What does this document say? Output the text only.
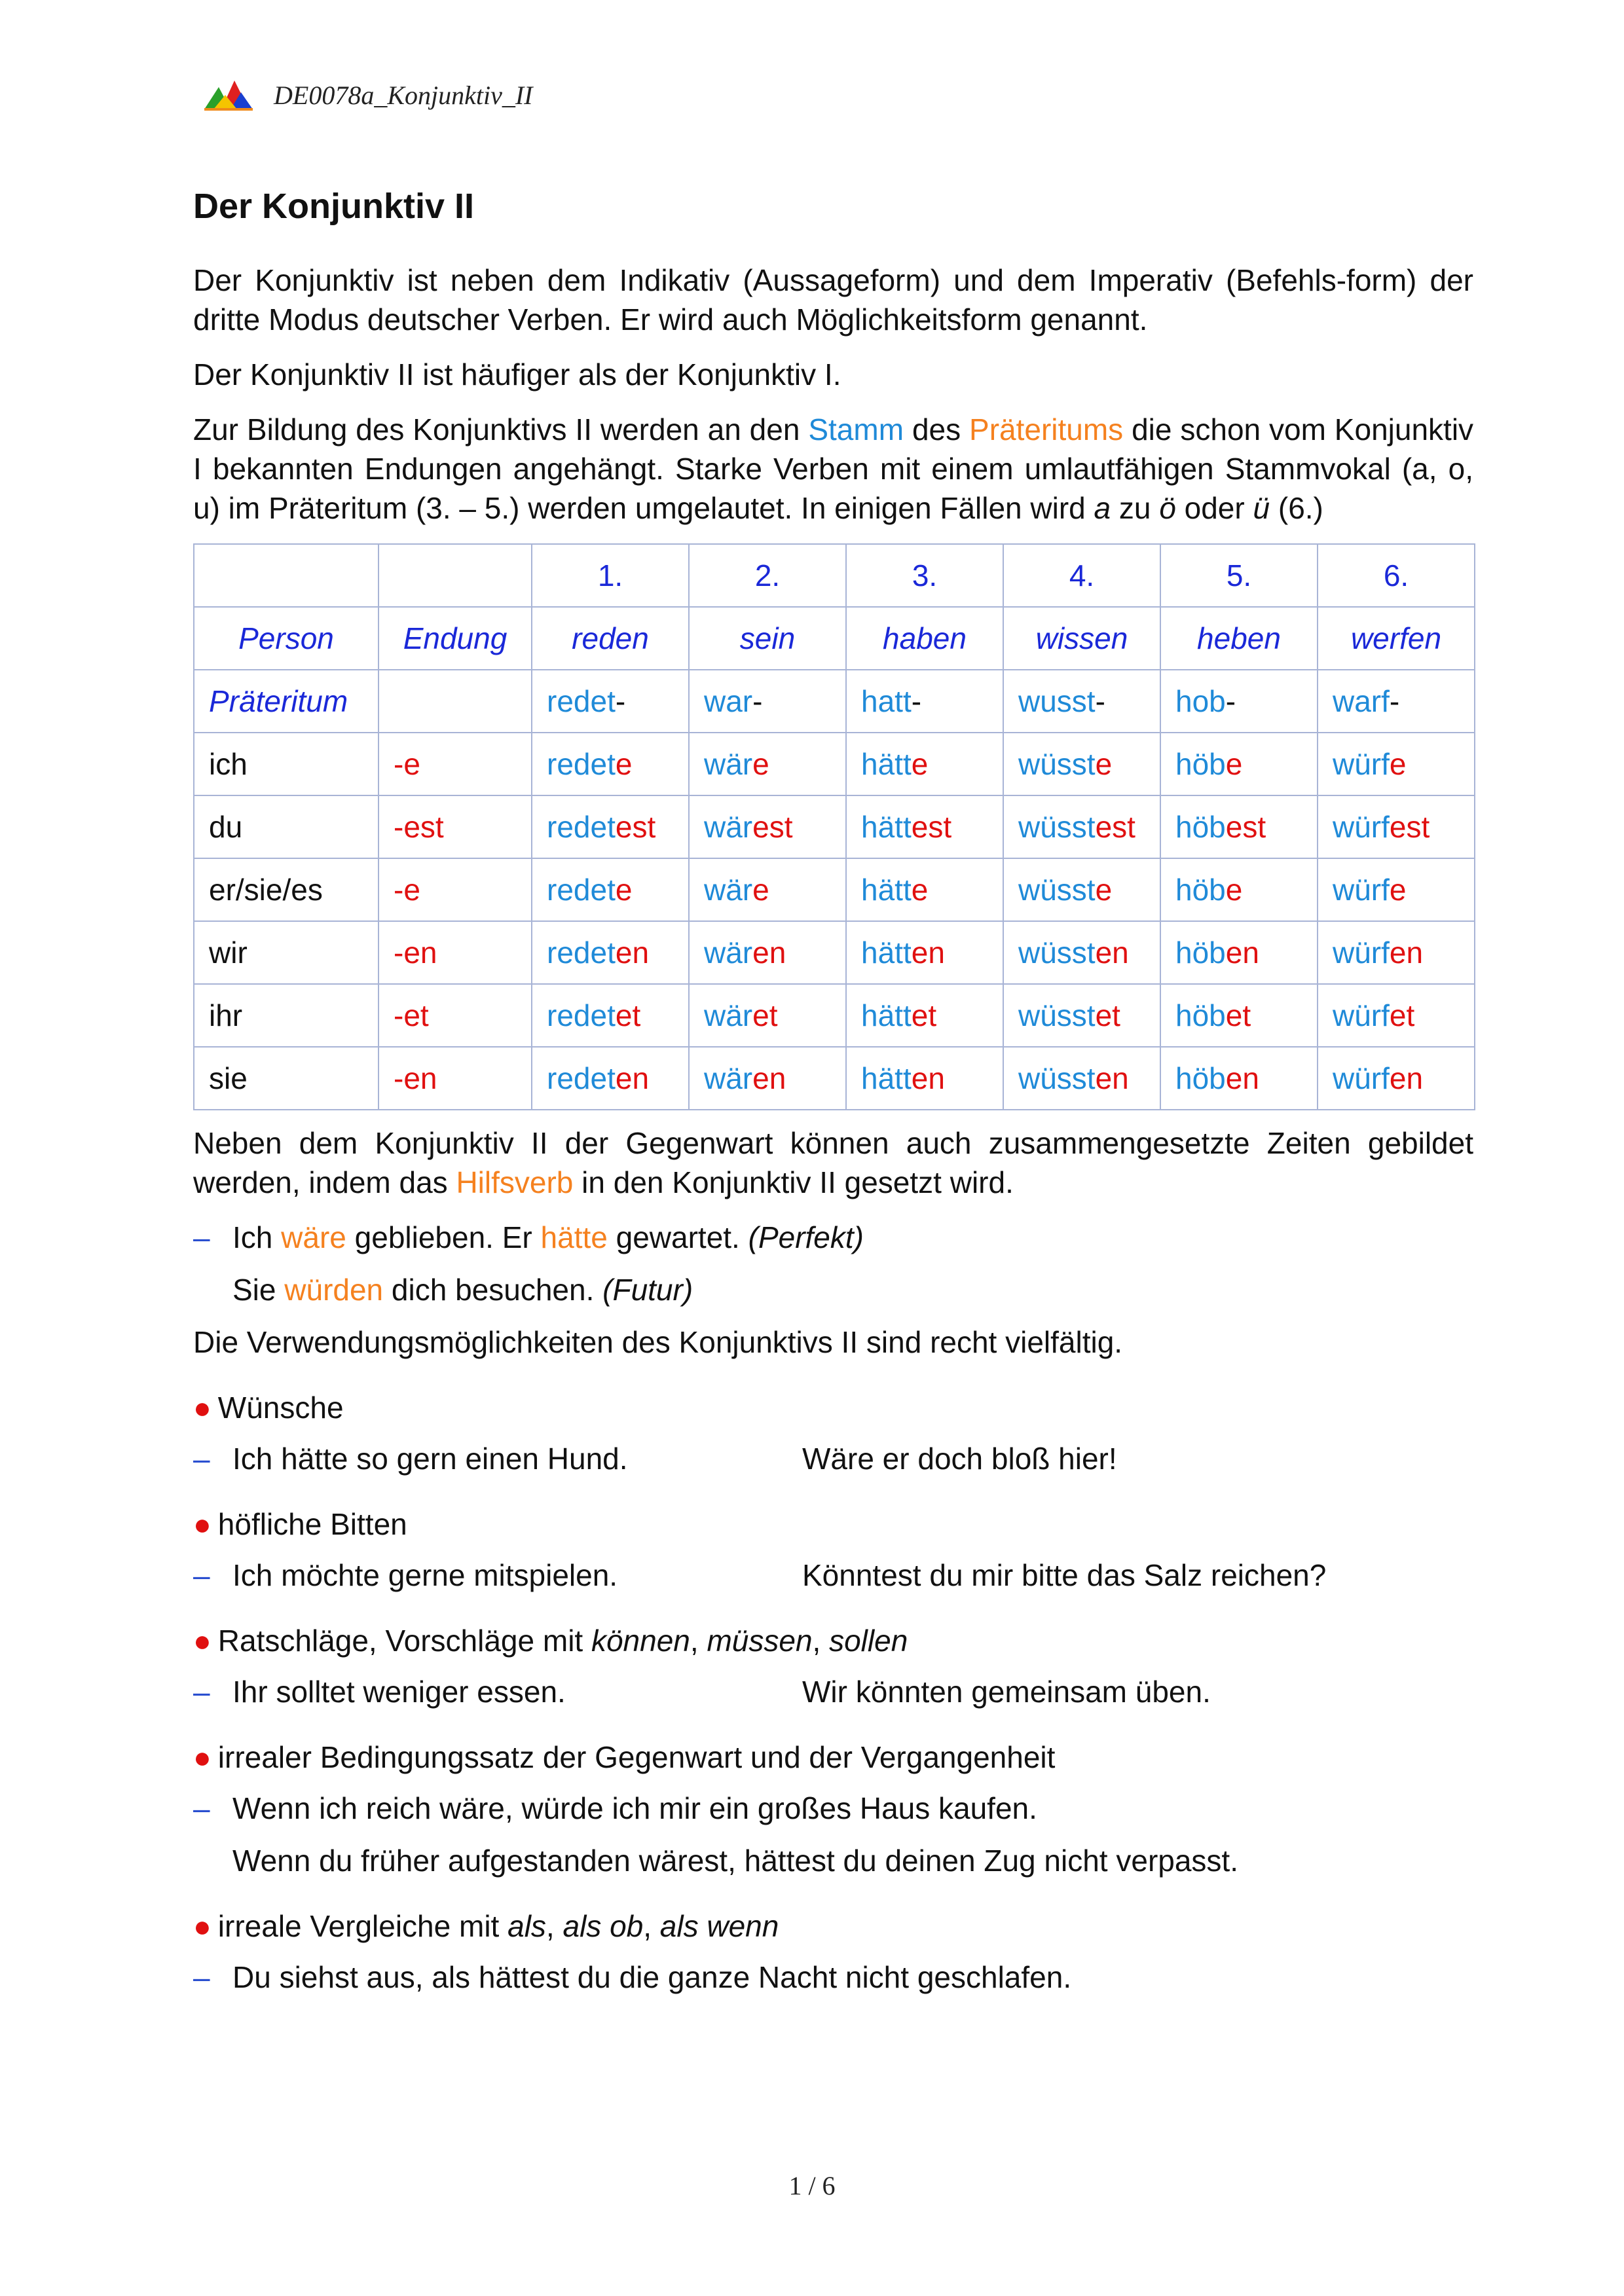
DE0078a_Konjunktiv_II
Der Konjunktiv II

Der Konjunktiv ist neben dem Indikativ (Aussageform) und dem Imperativ (Befehls-form) der dritte Modus deutscher Verben. Er wird auch Möglichkeitsform genannt.

Der Konjunktiv II ist häufiger als der Konjunktiv I.

Zur Bildung des Konjunktivs II werden an den Stamm des Präteritums die schon vom Konjunktiv I bekannten Endungen angehängt. Starke Verben mit einem umlautfähigen Stammvokal (a, o, u) im Präteritum (3. – 5.) werden umgelautet. In einigen Fällen wird a zu ö oder ü (6.)

		1.	2.	3.	4.	5.	6.
Person	Endung	reden	sein	haben	wissen	heben	werfen
Präteritum		redet-	war-	hatt-	wusst-	hob-	warf-
ich	-e	redete	wäre	hätte	wüsste	höbe	würfe
du	-est	redetest	wärest	hättest	wüsstest	höbest	würfest
er/sie/es	-e	redete	wäre	hätte	wüsste	höbe	würfe
wir	-en	redeten	wären	hätten	wüssten	höben	würfen
ihr	-et	redetet	wäret	hättet	wüsstet	höbet	würfet
sie	-en	redeten	wären	hätten	wüssten	höben	würfen

Neben dem Konjunktiv II der Gegenwart können auch zusammengesetzte Zeiten gebildet werden, indem das Hilfsverb in den Konjunktiv II gesetzt wird.

– Ich wäre geblieben. Er hätte gewartet. (Perfekt)
Sie würden dich besuchen. (Futur)

Die Verwendungsmöglichkeiten des Konjunktivs II sind recht vielfältig.

● Wünsche
– Ich hätte so gern einen Hund.	Wäre er doch bloß hier!
● höfliche Bitten
– Ich möchte gerne mitspielen.	Könntest du mir bitte das Salz reichen?
● Ratschläge, Vorschläge mit können, müssen, sollen
– Ihr solltet weniger essen.	Wir könnten gemeinsam üben.
● irrealer Bedingungssatz der Gegenwart und der Vergangenheit
– Wenn ich reich wäre, würde ich mir ein großes Haus kaufen.
Wenn du früher aufgestanden wärest, hättest du deinen Zug nicht verpasst.
● irreale Vergleiche mit als, als ob, als wenn
– Du siehst aus, als hättest du die ganze Nacht nicht geschlafen.
1 / 6
